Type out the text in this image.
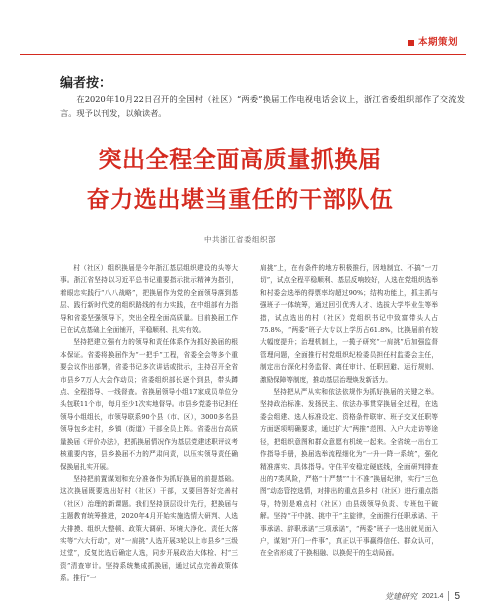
本期策划
编者按：

在2020年10月22日召开的全国村（社区）“两委”换届工作电视电话会议上，浙江省委组织部作了交流发言。现予以刊发，以飨读者。

突出全程全面高质量抓换届
奋力选出堪当重任的干部队伍
中共浙江省委组织部

村（社区）组织换届是今年浙江基层组织建设的头等大事。浙江省坚持以习近平总书记重要指示批示精神为指引，着眼忠实践行“八八战略”，把换届作为党的全面领导落到基层、践行新时代党的组织路线的有力实践，在中组部有力指导和省委坚强领导下，突出全程全面高质量。目前换届工作已在试点基础上全面铺开，平稳顺利、扎实有效。

坚持把建立强有力的领导和责任体系作为抓好换届的根本保证。省委将换届作为“一把手”工程，省委全会等多个重要会议作出部署，省委书记多次讲话或批示，主持召开全省市县乡7万人大会作动员；省委组织部长逐个到县，带头蹲点、全程指导、一线督查。省换届领导小组17家成员单位分头包联11个市，每月至少1次实地督导。市县乡党委书记担任领导小组组长，市领导联系90个县（市、区），3000多名县领导包乡走村，乡镇（街道）干部全员上阵。省委出台高质量换届《评价办法》，把抓换届情况作为基层党建述职评议考核重要内容，县乡换届不力的严肃问责，以压实领导责任确保换届扎实开展。

坚持把前置谋划和充分准备作为抓好换届的前提基础。这次换届既要选出好村（社区）干部，又要回答好完善村（社区）治理的新课题。我们坚持顶层设计先行，把换届与主题教育统筹推进，2020年4月开始实施选情大研判、人选大排摸、组织大整顿、政策大调研、环境大净化、责任大落实等“六大行动”，对“一肩挑”人选开展3轮以上市县乡“三级过堂”，反复比选后确定人选，同步开展政治大体检、村“三资”清查审计。坚持系统集成抓换届，通过试点完善政策体系。推行“一

肩挑”上，在有条件的地方积极推行，因地制宜、不搞“一刀切”，试点全程平稳顺利、基层反响较好，人选在党组织选举和村委会选举的得票率均超过90%；结构功能上，抓主抓与强班子一体统筹，通过回引优秀人才、选拔大学毕业生等举措，试点选出的村（社区）党组织书记中致富带头人占75.8%，“两委”班子大专以上学历占61.8%，比换届前有较大幅度提升；治理机制上，一揽子研究“一肩挑”后加强监督管理问题，全面推行村党组织纪检委员担任村监委会主任，制定出台深化村务监督、离任审计、任职回避、运行规则、激励保障等制度，推动基层治理焕发新活力。

坚持把从严从实和依法依规作为抓好换届的关键之举。坚持政治标准、发扬民主、依法办事贯穿换届全过程，在选委会组建、选人标准设定、资格条件联审、班子交叉任职等方面逐项明确要求，通过扩大“两推”范围、入户大走访等途径，把组织意图和群众意愿有机统一起来。全省统一出台工作指导手册，换届选举流程细化为“一升一降一系统”，强化精准落实、具体指导。守住平安稳定硬底线，全面研判排查出的7类风险，严格“十严禁”“十不准”换届纪律，实行“三色图”动态管控选情，对排出的重点县乡村（社区）进行重点指导，特别是难点村（社区）由县级领导负责、专班包干破解。坚持“干中挑、挑中干”主旋律，全面推行任职承诺、干事承诺、辞职承诺“三项承诺”，“两委”班子一选出就见面入户，谋划“开门一件事”，真正以干事赢得信任、群众认可，在全省形成了干换相融、以换促干的生动局面。

党建研究 2021.4 5
